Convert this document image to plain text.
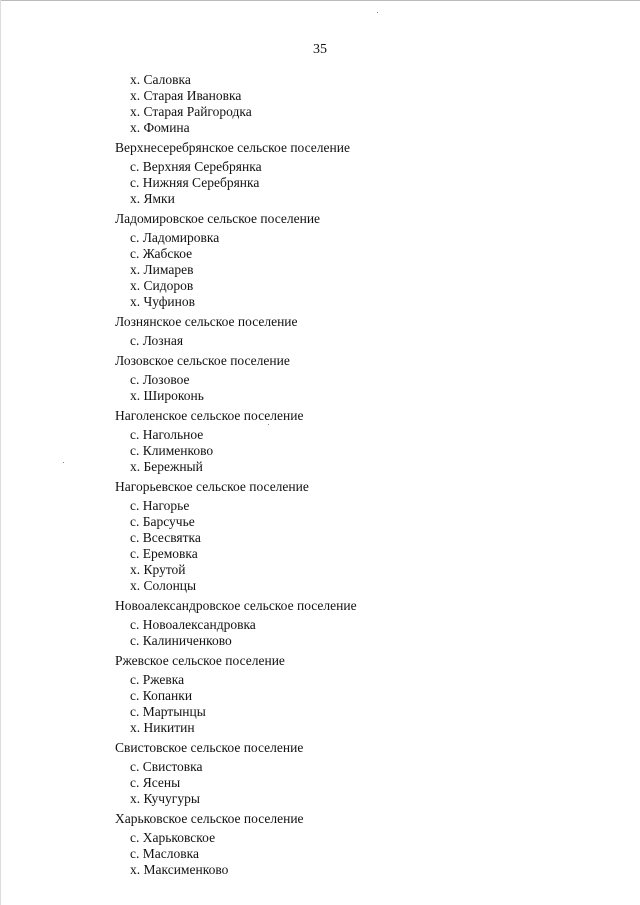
35
х. Саловка
х. Старая Ивановка
х. Старая Райгородка
х. Фомина
Верхнесеребрянское сельское поселение
с. Верхняя Серебрянка
с. Нижняя Серебрянка
х. Ямки
Ладомировское сельское поселение
с. Ладомировка
с. Жабское
х. Лимарев
х. Сидоров
х. Чуфинов
Лознянское сельское поселение
с. Лозная
Лозовское сельское поселение
с. Лозовое
х. Широконь
Наголенское сельское поселение
с. Нагольное
с. Клименково
х. Бережный
Нагорьевское сельское поселение
с. Нагорье
с. Барсучье
с. Всесвятка
с. Еремовка
х. Крутой
х. Солонцы
Новоалександровское сельское поселение
с. Новоалександровка
с. Калиниченково
Ржевское сельское поселение
с. Ржевка
с. Копанки
с. Мартынцы
х. Никитин
Свистовское сельское поселение
с. Свистовка
с. Ясены
х. Кучугуры
Харьковское сельское поселение
с. Харьковское
с. Масловка
х. Максименково
